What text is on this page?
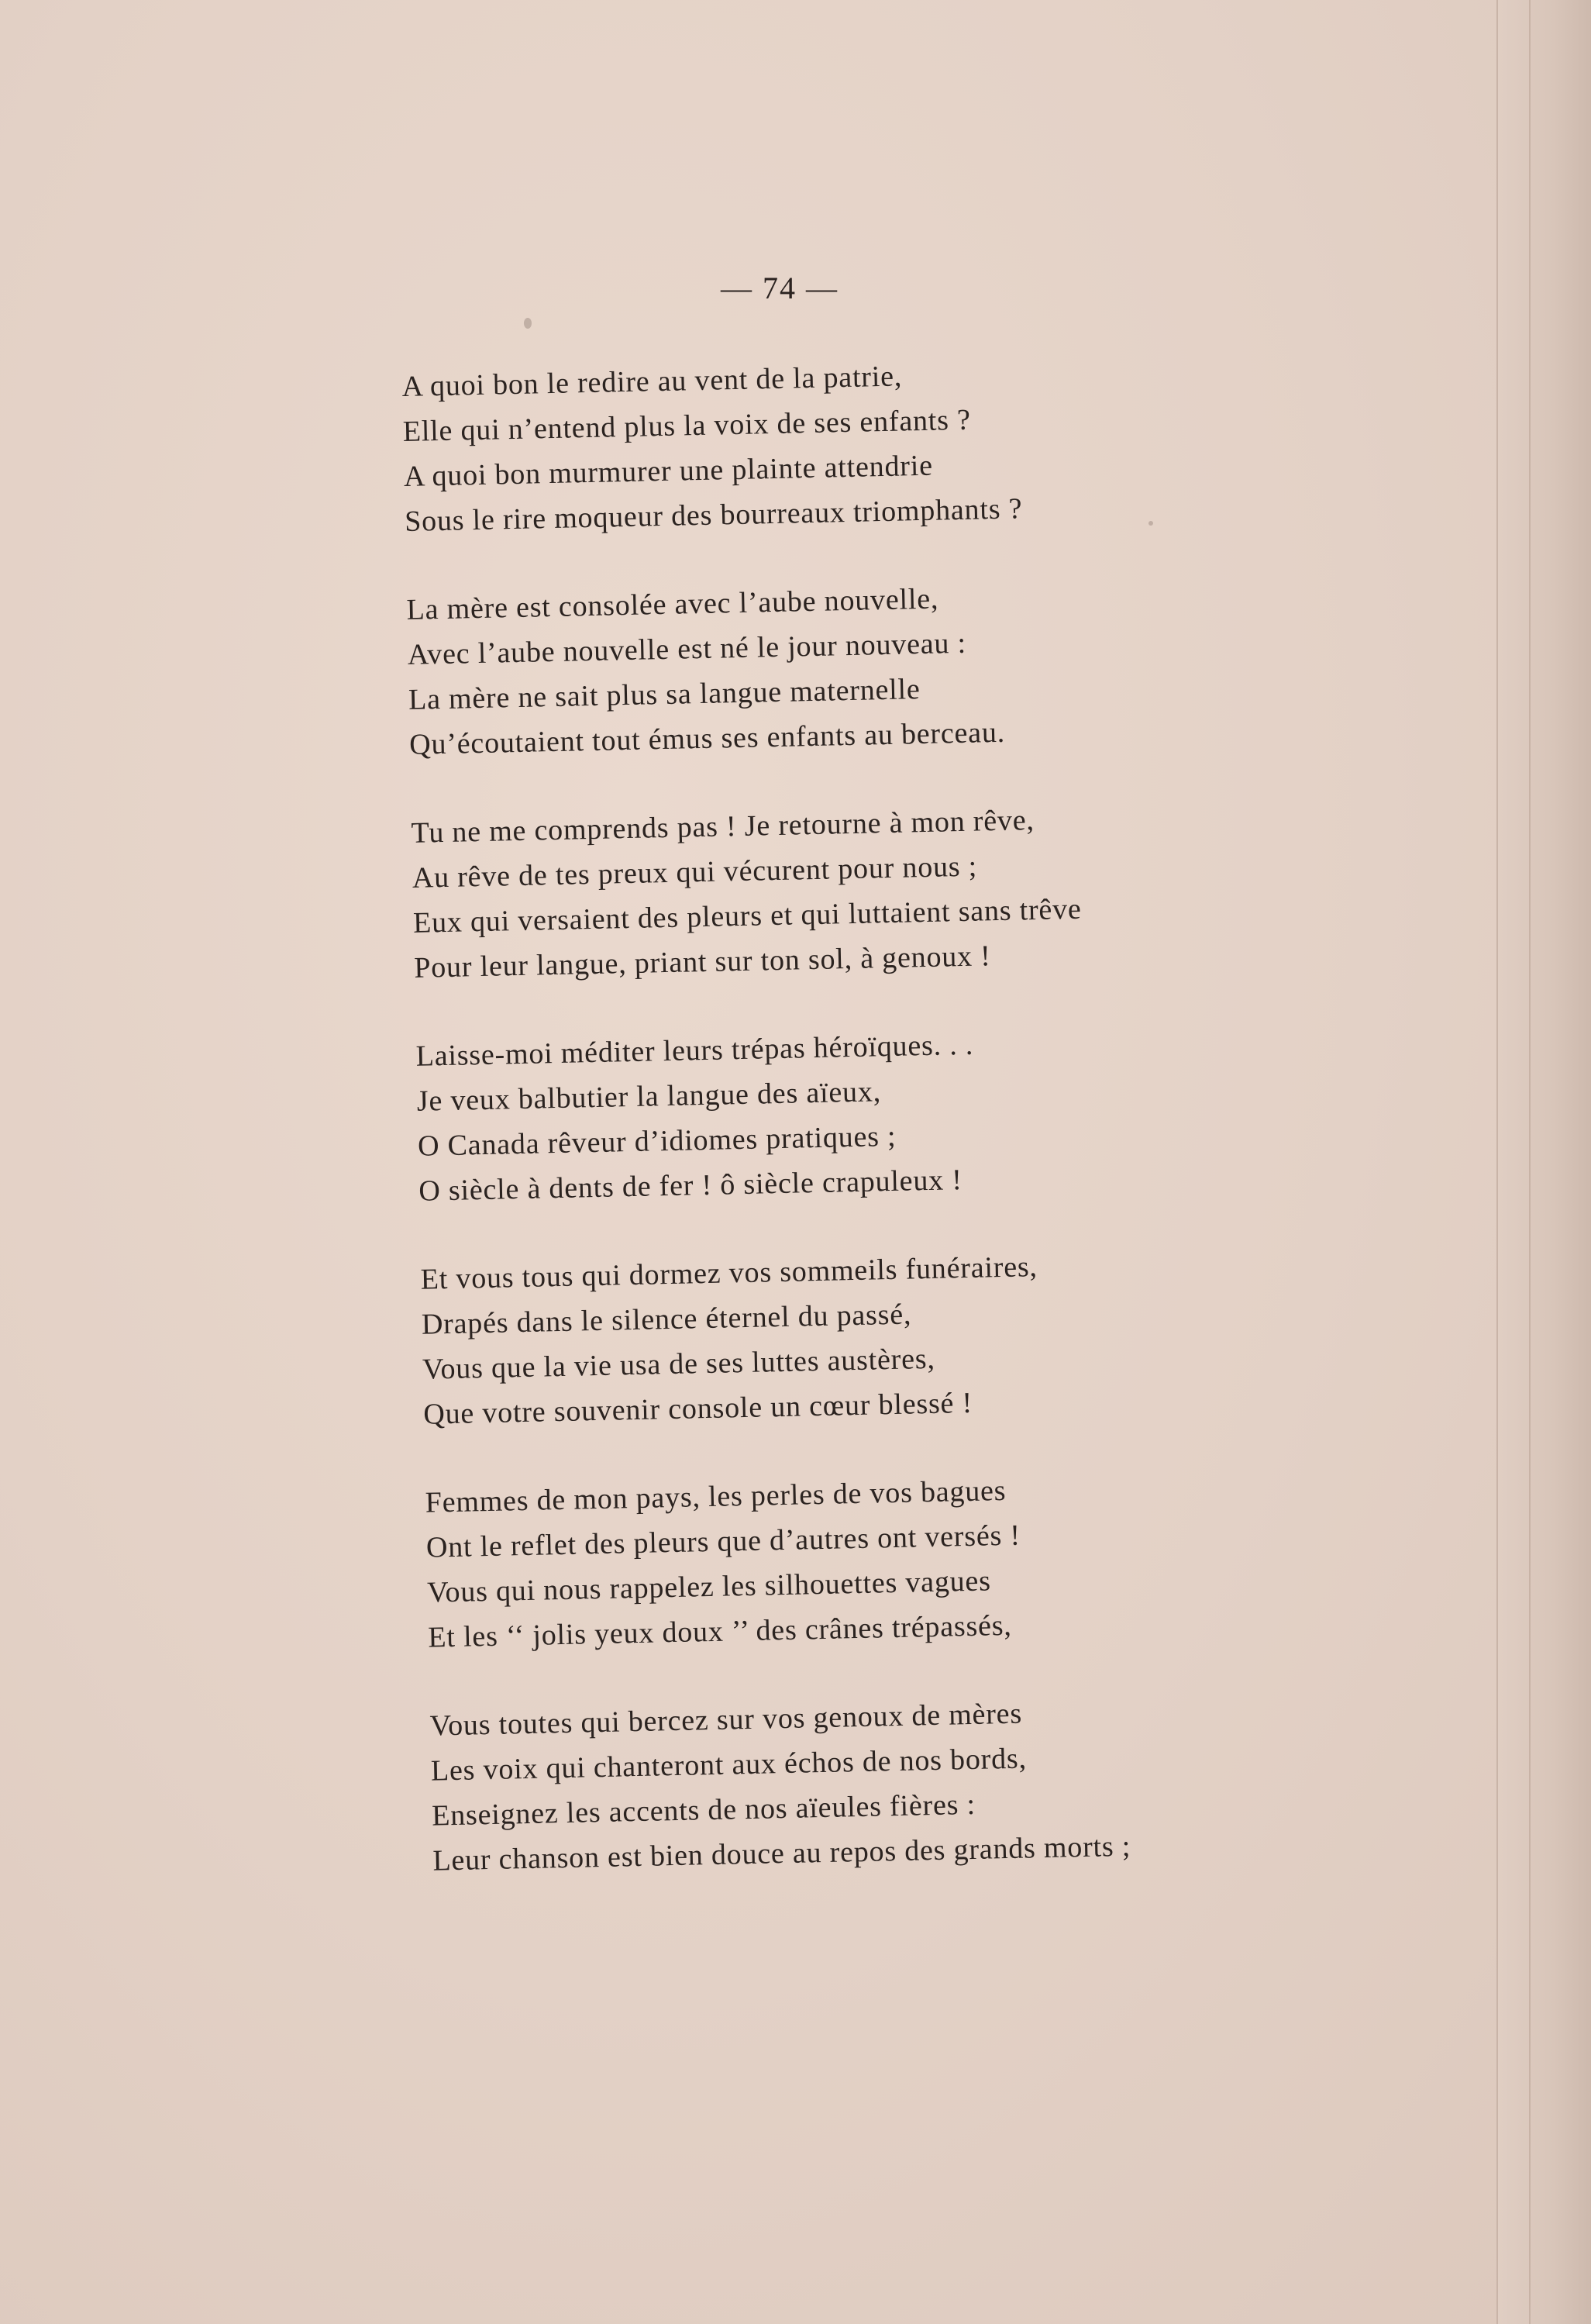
— 74 —
A quoi bon le redire au vent de la patrie,
Elle qui n’entend plus la voix de ses enfants ?
A quoi bon murmurer une plainte attendrie
Sous le rire moqueur des bourreaux triomphants ?
La mère est consolée avec l’aube nouvelle,
Avec l’aube nouvelle est né le jour nouveau :
La mère ne sait plus sa langue maternelle
Qu’écoutaient tout émus ses enfants au berceau.
Tu ne me comprends pas ! Je retourne à mon rêve,
Au rêve de tes preux qui vécurent pour nous ;
Eux qui versaient des pleurs et qui luttaient sans trêve
Pour leur langue, priant sur ton sol, à genoux !
Laisse-moi méditer leurs trépas héroïques. . .
Je veux balbutier la langue des aïeux,
O Canada rêveur d’idiomes pratiques ;
O siècle à dents de fer ! ô siècle crapuleux !
Et vous tous qui dormez vos sommeils funéraires,
Drapés dans le silence éternel du passé,
Vous que la vie usa de ses luttes austères,
Que votre souvenir console un cœur blessé !
Femmes de mon pays, les perles de vos bagues
Ont le reflet des pleurs que d’autres ont versés !
Vous qui nous rappelez les silhouettes vagues
Et les ‘‘ jolis yeux doux ’’ des crânes trépassés,
Vous toutes qui bercez sur vos genoux de mères
Les voix qui chanteront aux échos de nos bords,
Enseignez les accents de nos aïeules fières :
Leur chanson est bien douce au repos des grands morts ;
